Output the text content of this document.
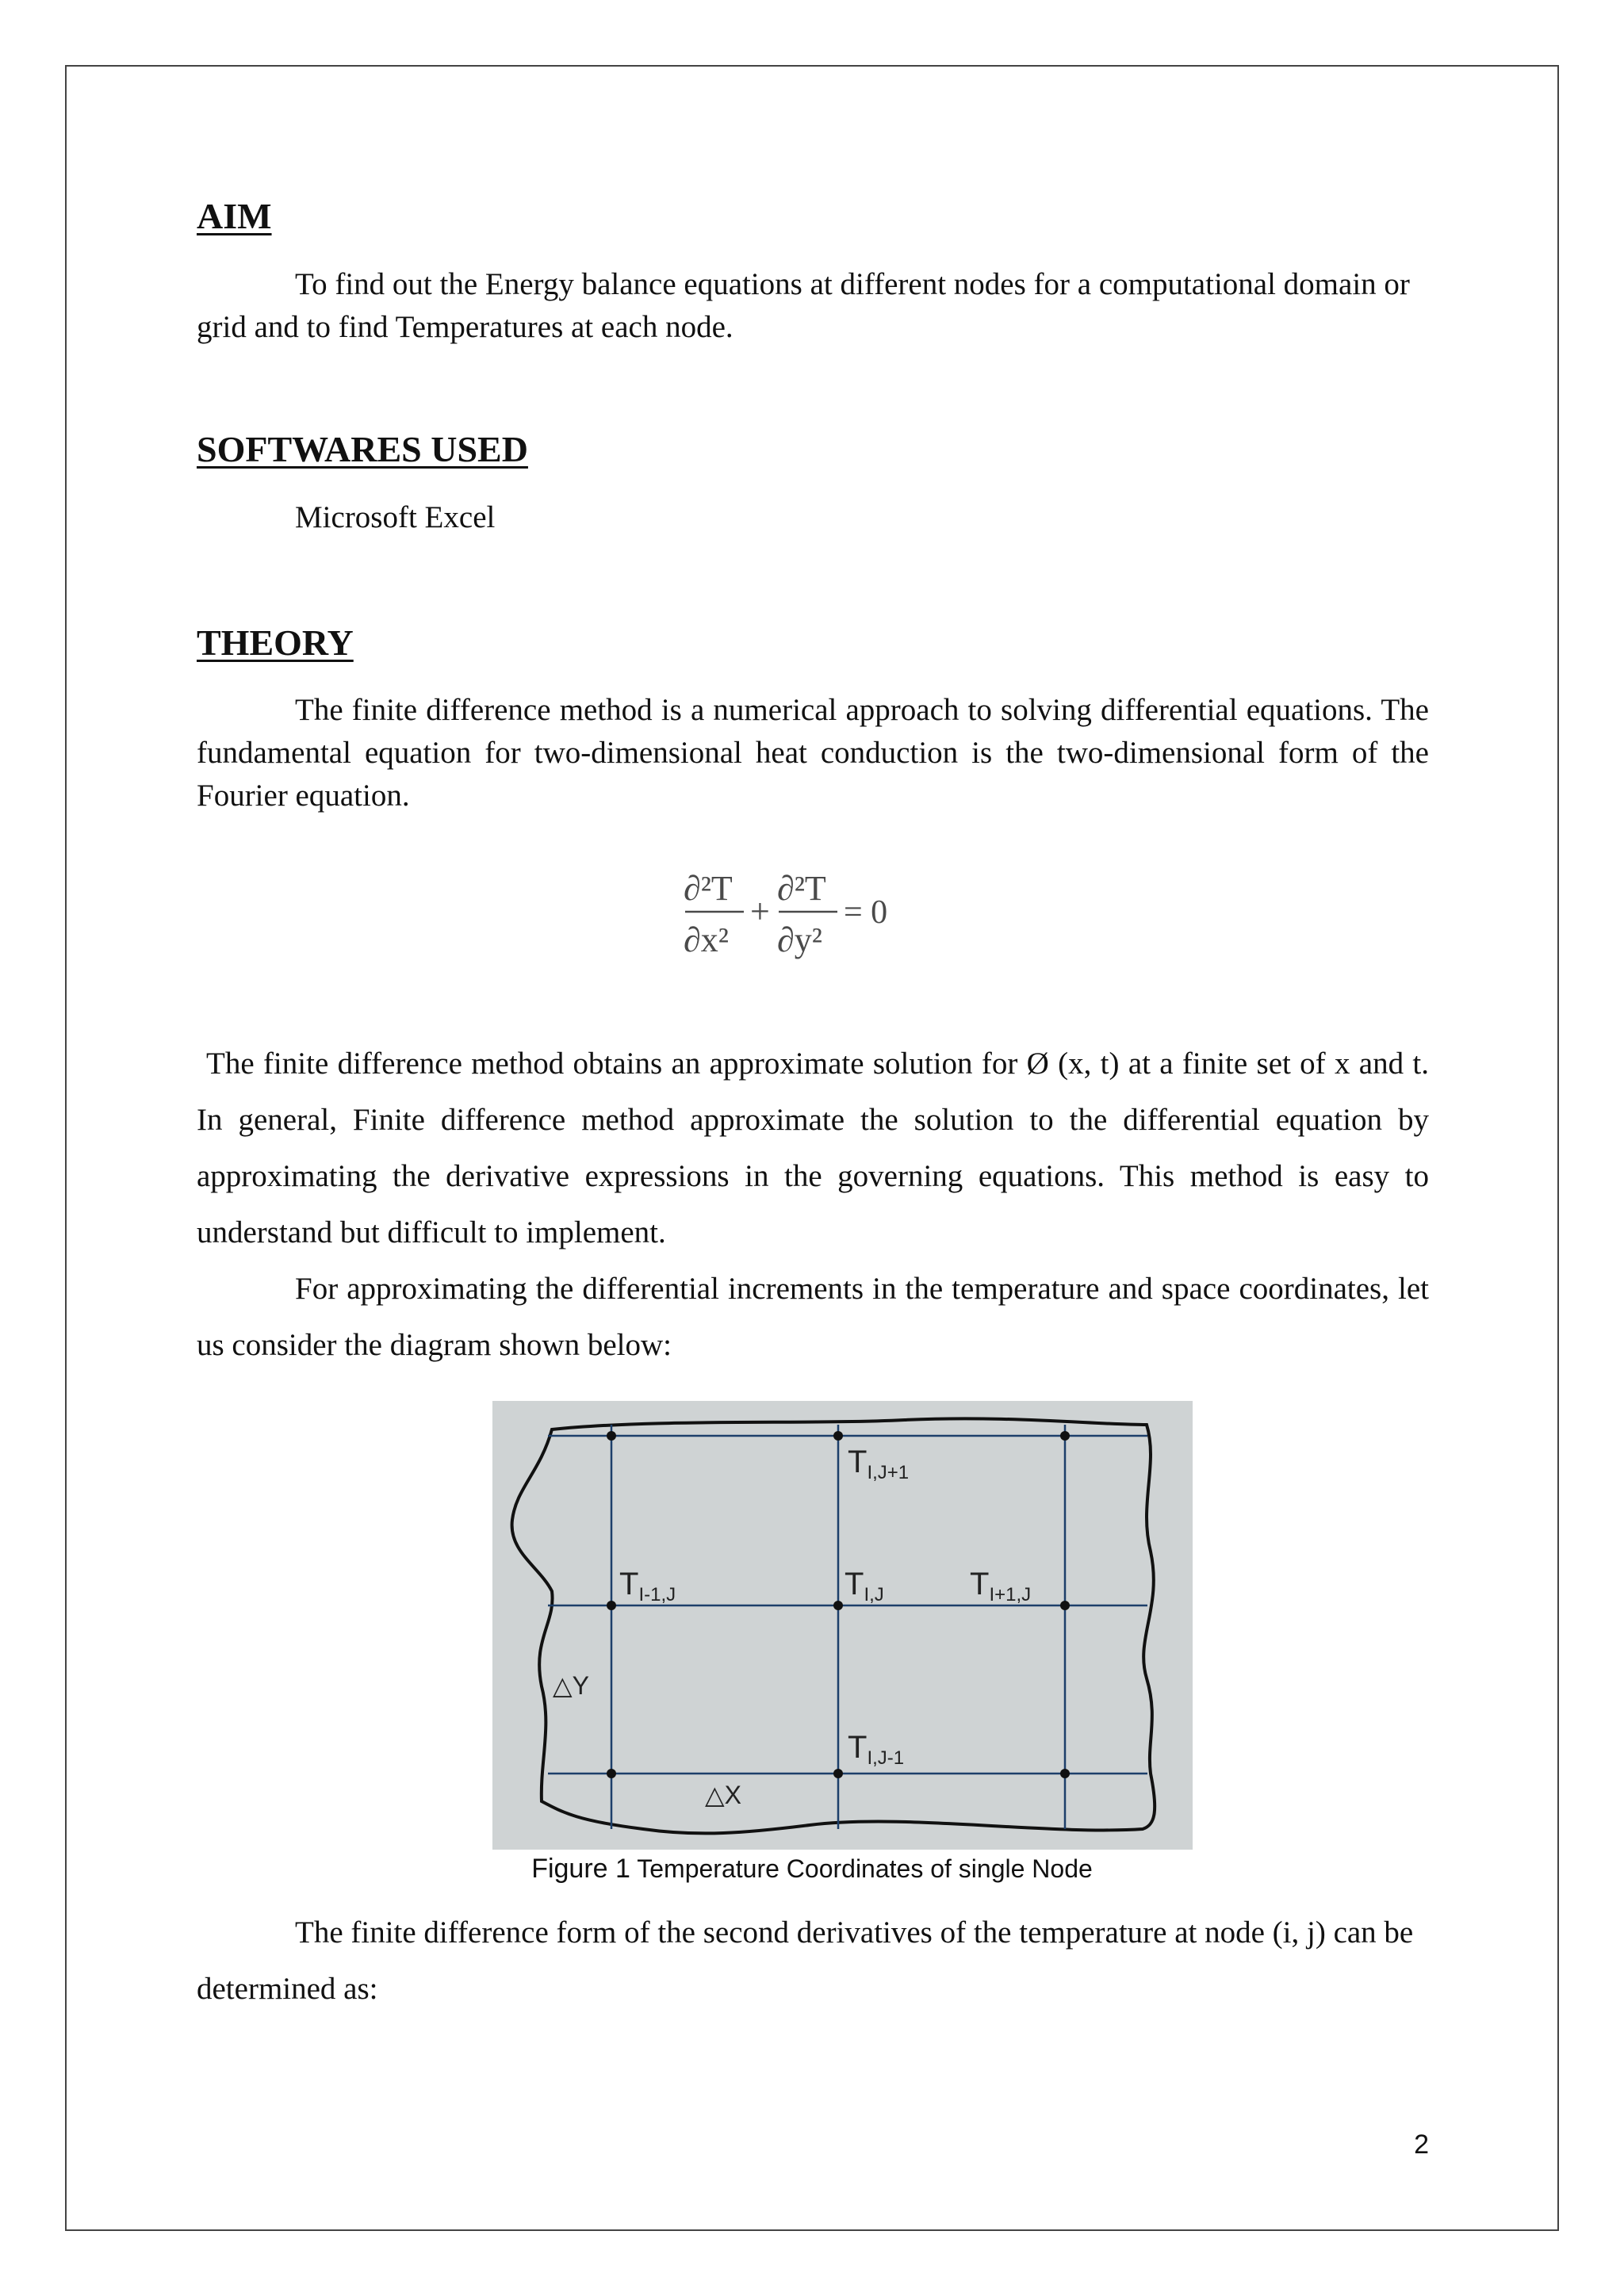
AIM

To find out the Energy balance equations at different nodes for a computational domain or grid and to find Temperatures at each node.

SOFTWARES USED

Microsoft Excel

THEORY

The finite difference method is a numerical approach to solving differential equations. The fundamental equation for two-dimensional heat conduction is the two-dimensional form of the Fourier equation.

∂²T
∂x²
+
∂²T
∂y²
= 0

The finite difference method obtains an approximate solution for Ø (x, t) at a finite set of x and t. In general, Finite difference method approximate the solution to the differential equation by approximating the derivative expressions in the governing equations. This method is easy to understand but difficult to implement.

For approximating the differential increments in the temperature and space coordinates, let us consider the diagram shown below:

$T_{I,J+1}$
$T_{I-1,J}$	$T_{I,J}$	$T_{I+1,J}$
$T_{I,J-1}$
△Y
△X
Figure 1 Temperature Coordinates of single Node

The finite difference form of the second derivatives of the temperature at node (i, j) can be determined as:

2
